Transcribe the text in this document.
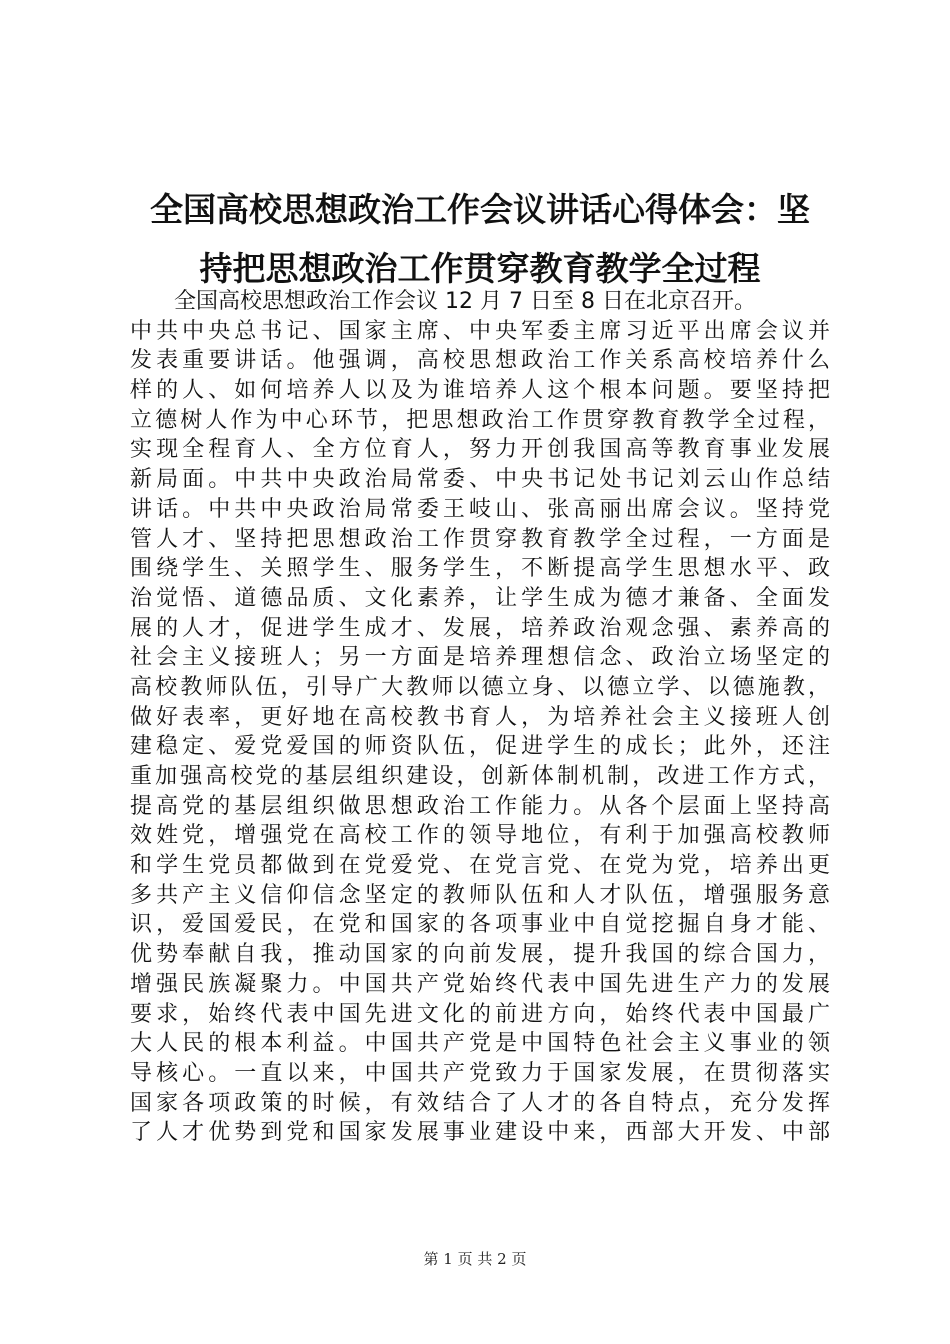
全国高校思想政治工作会议讲话心得体会：坚
持把思想政治工作贯穿教育教学全过程
全国高校思想政治工作会议 12 月 7 日至 8 日在北京召开。
中共中央总书记、国家主席、中央军委主席习近平出席会议并
发表重要讲话。他强调，高校思想政治工作关系高校培养什么
样的人、如何培养人以及为谁培养人这个根本问题。要坚持把
立德树人作为中心环节，把思想政治工作贯穿教育教学全过程，
实现全程育人、全方位育人，努力开创我国高等教育事业发展
新局面。中共中央政治局常委、中央书记处书记刘云山作总结
讲话。中共中央政治局常委王岐山、张高丽出席会议。坚持党
管人才、坚持把思想政治工作贯穿教育教学全过程，一方面是
围绕学生、关照学生、服务学生，不断提高学生思想水平、政
治觉悟、道德品质、文化素养，让学生成为德才兼备、全面发
展的人才，促进学生成才、发展，培养政治观念强、素养高的
社会主义接班人；另一方面是培养理想信念、政治立场坚定的
高校教师队伍，引导广大教师以德立身、以德立学、以德施教，
做好表率，更好地在高校教书育人，为培养社会主义接班人创
建稳定、爱党爱国的师资队伍，促进学生的成长；此外，还注
重加强高校党的基层组织建设，创新体制机制，改进工作方式，
提高党的基层组织做思想政治工作能力。从各个层面上坚持高
效姓党，增强党在高校工作的领导地位，有利于加强高校教师
和学生党员都做到在党爱党、在党言党、在党为党，培养出更
多共产主义信仰信念坚定的教师队伍和人才队伍，增强服务意
识，爱国爱民，在党和国家的各项事业中自觉挖掘自身才能、
优势奉献自我，推动国家的向前发展，提升我国的综合国力，
增强民族凝聚力。中国共产党始终代表中国先进生产力的发展
要求，始终代表中国先进文化的前进方向，始终代表中国最广
大人民的根本利益。中国共产党是中国特色社会主义事业的领
导核心。一直以来，中国共产党致力于国家发展，在贯彻落实
国家各项政策的时候，有效结合了人才的各自特点，充分发挥
了人才优势到党和国家发展事业建设中来，西部大开发、中部
第 1 页 共 2 页
